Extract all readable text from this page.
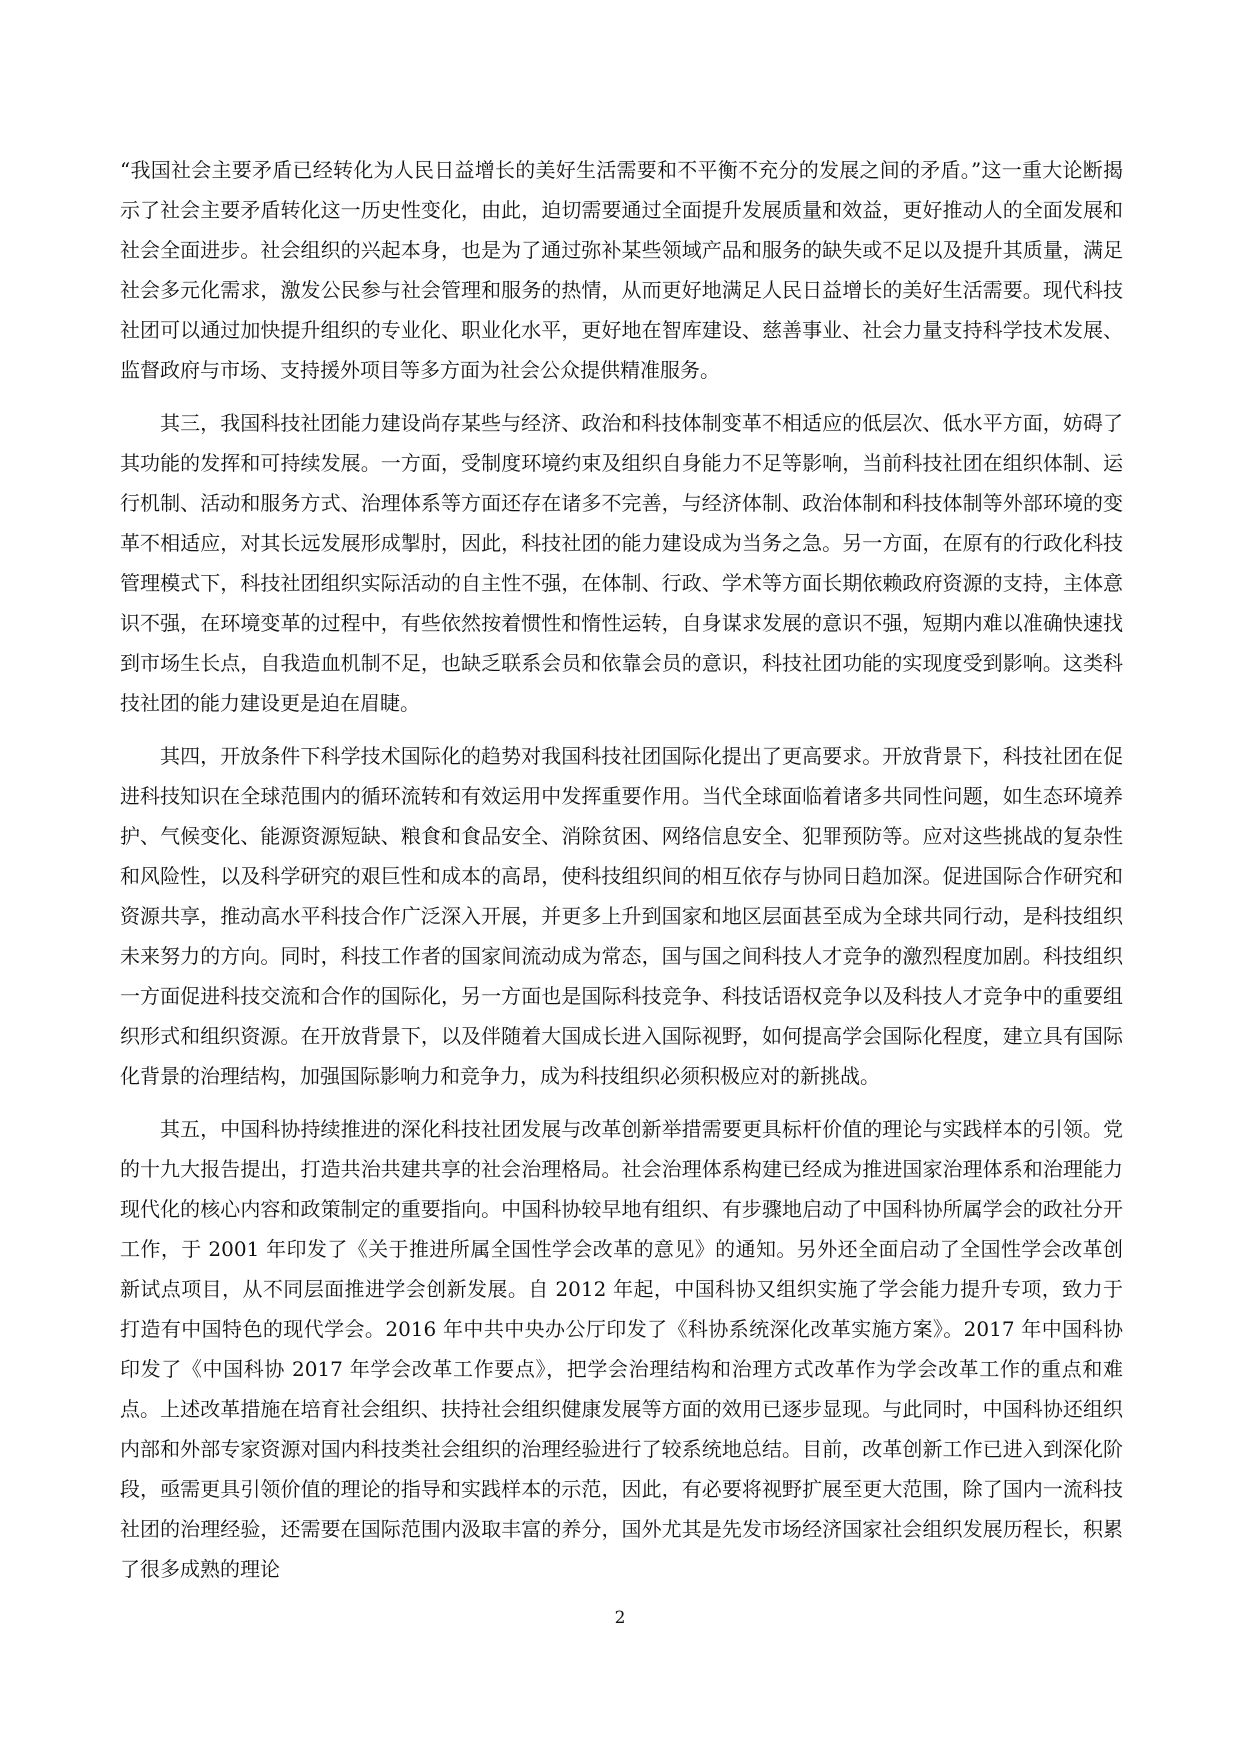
“我国社会主要矛盾已经转化为人民日益增长的美好生活需要和不平衡不充分的发展之间的矛盾。”这一重大论断揭示了社会主要矛盾转化这一历史性变化，由此，迫切需要通过全面提升发展质量和效益，更好推动人的全面发展和社会全面进步。社会组织的兴起本身，也是为了通过弥补某些领域产品和服务的缺失或不足以及提升其质量，满足社会多元化需求，激发公民参与社会管理和服务的热情，从而更好地满足人民日益增长的美好生活需要。现代科技社团可以通过加快提升组织的专业化、职业化水平，更好地在智库建设、慈善事业、社会力量支持科学技术发展、监督政府与市场、支持援外项目等多方面为社会公众提供精准服务。

其三，我国科技社团能力建设尚存某些与经济、政治和科技体制变革不相适应的低层次、低水平方面，妨碍了其功能的发挥和可持续发展。一方面，受制度环境约束及组织自身能力不足等影响，当前科技社团在组织体制、运行机制、活动和服务方式、治理体系等方面还存在诸多不完善，与经济体制、政治体制和科技体制等外部环境的变革不相适应，对其长远发展形成掣肘，因此，科技社团的能力建设成为当务之急。另一方面，在原有的行政化科技管理模式下，科技社团组织实际活动的自主性不强，在体制、行政、学术等方面长期依赖政府资源的支持，主体意识不强，在环境变革的过程中，有些依然按着惯性和惰性运转，自身谋求发展的意识不强，短期内难以准确快速找到市场生长点，自我造血机制不足，也缺乏联系会员和依靠会员的意识，科技社团功能的实现度受到影响。这类科技社团的能力建设更是迫在眉睫。

其四，开放条件下科学技术国际化的趋势对我国科技社团国际化提出了更高要求。开放背景下，科技社团在促进科技知识在全球范围内的循环流转和有效运用中发挥重要作用。当代全球面临着诸多共同性问题，如生态环境养护、气候变化、能源资源短缺、粮食和食品安全、消除贫困、网络信息安全、犯罪预防等。应对这些挑战的复杂性和风险性，以及科学研究的艰巨性和成本的高昂，使科技组织间的相互依存与协同日趋加深。促进国际合作研究和资源共享，推动高水平科技合作广泛深入开展，并更多上升到国家和地区层面甚至成为全球共同行动，是科技组织未来努力的方向。同时，科技工作者的国家间流动成为常态，国与国之间科技人才竞争的激烈程度加剧。科技组织一方面促进科技交流和合作的国际化，另一方面也是国际科技竞争、科技话语权竞争以及科技人才竞争中的重要组织形式和组织资源。在开放背景下，以及伴随着大国成长进入国际视野，如何提高学会国际化程度，建立具有国际化背景的治理结构，加强国际影响力和竞争力，成为科技组织必须积极应对的新挑战。

其五，中国科协持续推进的深化科技社团发展与改革创新举措需要更具标杆价值的理论与实践样本的引领。党的十九大报告提出，打造共治共建共享的社会治理格局。社会治理体系构建已经成为推进国家治理体系和治理能力现代化的核心内容和政策制定的重要指向。中国科协较早地有组织、有步骤地启动了中国科协所属学会的政社分开工作，于 2001 年印发了《关于推进所属全国性学会改革的意见》的通知。另外还全面启动了全国性学会改革创新试点项目，从不同层面推进学会创新发展。自 2012 年起，中国科协又组织实施了学会能力提升专项，致力于打造有中国特色的现代学会。2016 年中共中央办公厅印发了《科协系统深化改革实施方案》。2017 年中国科协印发了《中国科协 2017 年学会改革工作要点》，把学会治理结构和治理方式改革作为学会改革工作的重点和难点。上述改革措施在培育社会组织、扶持社会组织健康发展等方面的效用已逐步显现。与此同时，中国科协还组织内部和外部专家资源对国内科技类社会组织的治理经验进行了较系统地总结。目前，改革创新工作已进入到深化阶段，亟需更具引领价值的理论的指导和实践样本的示范，因此，有必要将视野扩展至更大范围，除了国内一流科技社团的治理经验，还需要在国际范围内汲取丰富的养分，国外尤其是先发市场经济国家社会组织发展历程长，积累了很多成熟的理论

2
